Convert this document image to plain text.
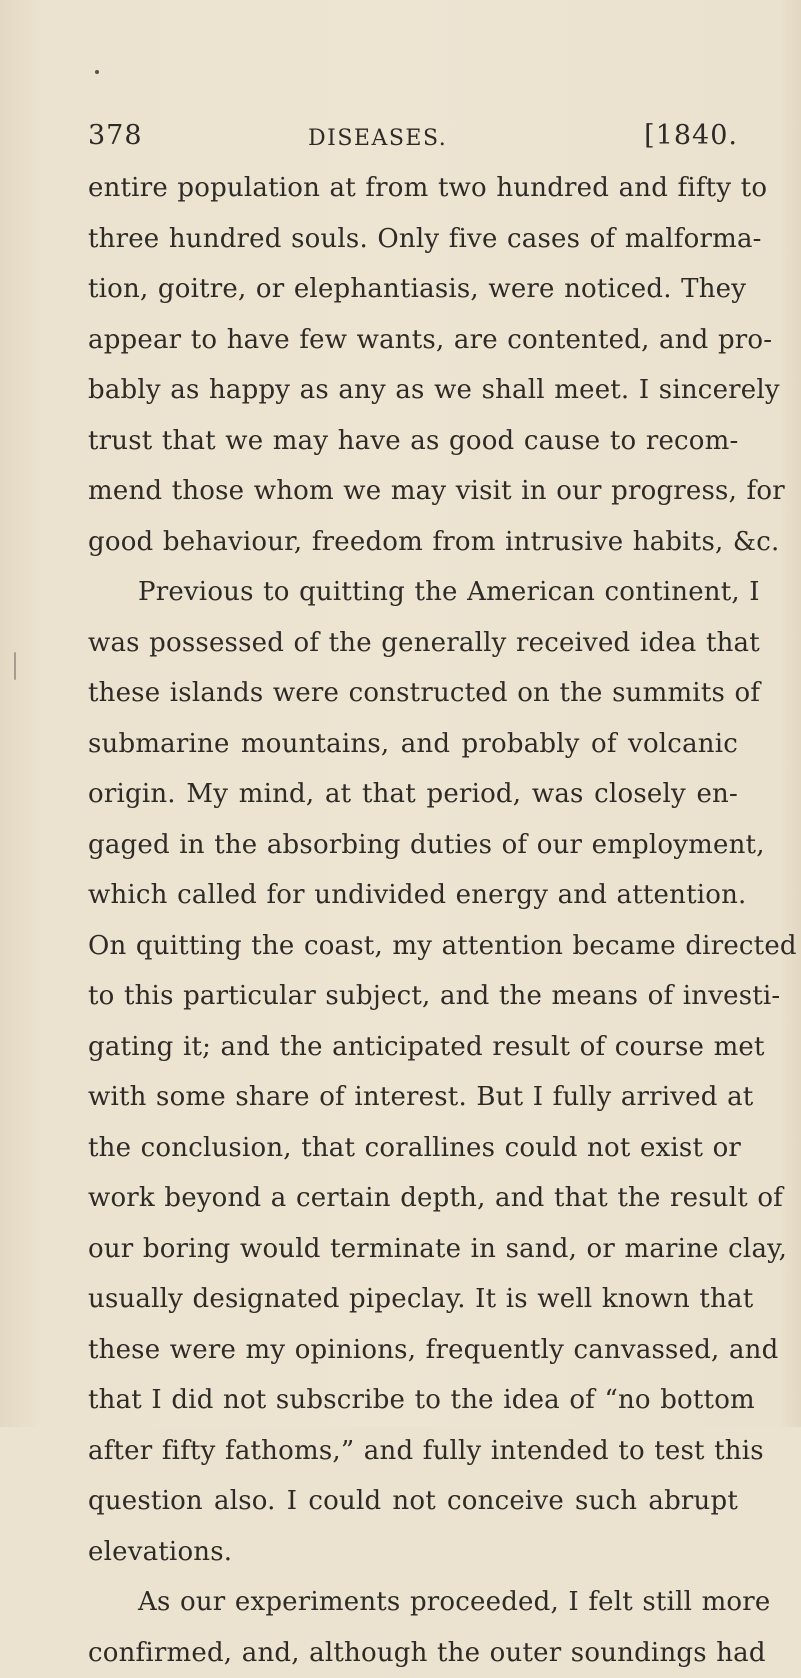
378	DISEASES.	[1840.
entire population at from two hundred and fifty to
three hundred souls. Only five cases of malforma-
tion, goitre, or elephantiasis, were noticed. They
appear to have few wants, are contented, and pro-
bably as happy as any as we shall meet. I sincerely
trust that we may have as good cause to recom-
mend those whom we may visit in our progress, for
good behaviour, freedom from intrusive habits, &c.
Previous to quitting the American continent, I
was possessed of the generally received idea that
these islands were constructed on the summits of
submarine mountains, and probably of volcanic
origin. My mind, at that period, was closely en-
gaged in the absorbing duties of our employment,
which called for undivided energy and attention.
On quitting the coast, my attention became directed
to this particular subject, and the means of investi-
gating it; and the anticipated result of course met
with some share of interest. But I fully arrived at
the conclusion, that corallines could not exist or
work beyond a certain depth, and that the result of
our boring would terminate in sand, or marine clay,
usually designated pipeclay. It is well known that
these were my opinions, frequently canvassed, and
that I did not subscribe to the idea of “no bottom
after fifty fathoms,” and fully intended to test this
question also. I could not conceive such abrupt
elevations.
As our experiments proceeded, I felt still more
confirmed, and, although the outer soundings had
